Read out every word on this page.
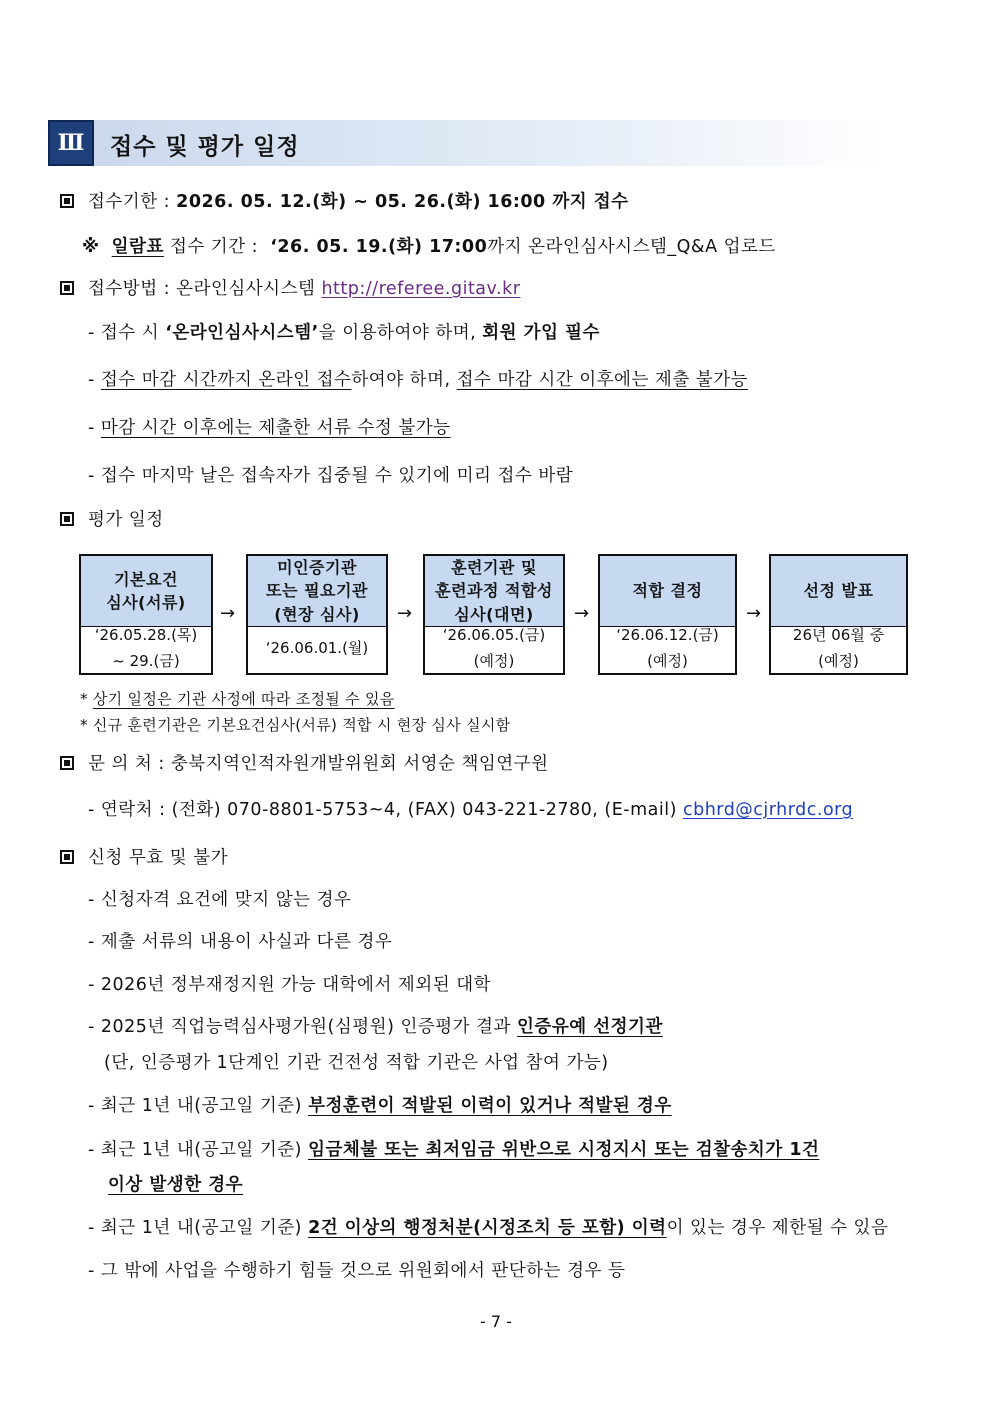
Ⅲ	접수 및 평가 일정
접수기한 : 2026. 05. 12.(화) ~ 05. 26.(화) 16:00 까지 접수
※ 일람표 접수 기간 :  ‘26. 05. 19.(화) 17:00까지 온라인심사시스템_Q&A 업로드
접수방법 : 온라인심사시스템 http://referee.gitav.kr
- 접수 시 ‘온라인심사시스템’을 이용하여야 하며, 회원 가입 필수
- 접수 마감 시간까지 온라인 접수하여야 하며, 접수 마감 시간 이후에는 제출 불가능
- 마감 시간 이후에는 제출한 서류 수정 불가능
- 접수 마지막 날은 접속자가 집중될 수 있기에 미리 접수 바람
평가 일정
기본요건
심사(서류)
‘26.05.28.(목)
~ 29.(금)
→
미인증기관
또는 필요기관
(현장 심사)
‘26.06.01.(월)
→
훈련기관 및
훈련과정 적합성
심사(대면)
‘26.06.05.(금)
(예정)
→
적합 결정
‘26.06.12.(금)
(예정)
→
선정 발표
26년 06월 중
(예정)
* 상기 일정은 기관 사정에 따라 조정될 수 있음
* 신규 훈련기관은 기본요건심사(서류) 적합 시 현장 심사 실시함
문 의 처 : 충북지역인적자원개발위원회 서영순 책임연구원
- 연락처 : (전화) 070-8801-5753~4, (FAX) 043-221-2780, (E-mail) cbhrd@cjrhrdc.org
신청 무효 및 불가
- 신청자격 요건에 맞지 않는 경우
- 제출 서류의 내용이 사실과 다른 경우
- 2026년 정부재정지원 가능 대학에서 제외된 대학
- 2025년 직업능력심사평가원(심평원) 인증평가 결과 인증유예 선정기관
(단, 인증평가 1단계인 기관 건전성 적합 기관은 사업 참여 가능)
- 최근 1년 내(공고일 기준) 부정훈련이 적발된 이력이 있거나 적발된 경우
- 최근 1년 내(공고일 기준) 임금체불 또는 최저임금 위반으로 시정지시 또는 검찰송치가 1건
이상 발생한 경우
- 최근 1년 내(공고일 기준) 2건 이상의 행정처분(시정조치 등 포함) 이력이 있는 경우 제한될 수 있음
- 그 밖에 사업을 수행하기 힘들 것으로 위원회에서 판단하는 경우 등
- 7 -
